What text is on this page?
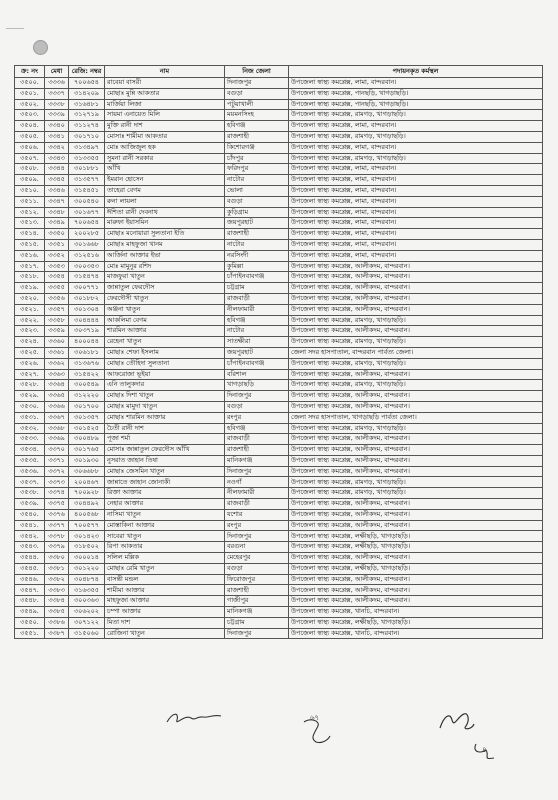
ক্র: নং	মেধা	রেজি: নম্বর	নাম	নিজ জেলা	পদায়নকৃত কর্মস্থল
৩৫০০.	৩৩৩৬	৭০০৬৫৪	রাবেয়া বাসরী	দিনাজপুর	উপজেলা স্বাস্থ্য কমপ্লেক্স, লামা, বান্দরবান।
৩৫০১.	৩৩৩৭	৩১৪২০৯	মোছাঃ মুন্নি আকতার	বগুড়া	উপজেলা স্বাস্থ্য কমপ্লেক্স, পানছড়ি, খাগড়াছড়ি।
৩৫০২.	৩৩৩৮	৩১৬৪৮১	মার্জিয়া লিজা	পটুয়াখালী	উপজেলা স্বাস্থ্য কমপ্লেক্স, পানছড়ি, খাগড়াছড়ি।
৩৫০৩.	৩৩৩৯	৩১২৭১৯	সায়মা এনায়েত মিলি	ময়মনসিংহ	উপজেলা স্বাস্থ্য কমপ্লেক্স, রামগড়, খাগড়াছড়ি।
৩৫০৪.	৩৩৪০	৩১১২৭৪	মুক্তি রানী দাশ	হবিগঞ্জ	উপজেলা স্বাস্থ্য কমপ্লেক্স, লামা, বান্দরবান।
৩৫০৫.	৩৩৪১	৩০১৭১০	মোসাঃ শামীমা আকতার	রাজশাহী	উপজেলা স্বাস্থ্য কমপ্লেক্স, রামগড়, খাগড়াছড়ি।
৩৫০৬.	৩৩৪২	৩১৩৪৯৭	মোঃ আজিজুল হক	কিশোরগঞ্জ	উপজেলা স্বাস্থ্য কমপ্লেক্স, লামা, বান্দরবান।
৩৫০৭.	৩৩৪৩	৩১৩৩৫৫	সুমনা রানী সরকার	চাঁদপুর	উপজেলা স্বাস্থ্য কমপ্লেক্স, রামগড়, খাগড়াছড়ি।
৩৫০৮.	৩৩৪৪	৩০১৮৮১	আঁখি	ফরিদপুর	উপজেলা স্বাস্থ্য কমপ্লেক্স, লামা, বান্দরবান।
৩৫০৯.	৩৩৪৫	৩১৩৫৭৭	ইমরান হোসেন	নাটোর	উপজেলা স্বাস্থ্য কমপ্লেক্স, লামা, বান্দরবান।
৩৫১০.	৩৩৪৬	৩১৫৪৫১	তাহেরা বেগম	ভোলা	উপজেলা স্বাস্থ্য কমপ্লেক্স, লামা, বান্দরবান।
৩৫১১.	৩৩৪৭	৩০০৫৪০	রুনা লায়লা	বগুড়া	উপজেলা স্বাস্থ্য কমপ্লেক্স, লামা, বান্দরবান।
৩৫১২.	৩৩৪৮	৩০১৬৭৭	ঈশিতা রানী দেবনাথ	কুড়িগ্রাম	উপজেলা স্বাস্থ্য কমপ্লেক্স, লামা, বান্দরবান।
৩৫১৩.	৩৩৪৯	৭০০৬৫৪	মারুফা ইয়াসমিন	জয়পুরহাট	উপজেলা স্বাস্থ্য কমপ্লেক্স, লামা, বান্দরবান।
৩৫১৪.	৩৩৫০	২০০২৮৫	মোছাঃ মনোয়ারা সুলতানা ইতি	রাজশাহী	উপজেলা স্বাস্থ্য কমপ্লেক্স, লামা, বান্দরবান।
৩৫১৫.	৩৩৫১	৩০১৬৬৮	মোছাঃ মাহফুজা খানম	নাটোর	উপজেলা স্বাস্থ্য কমপ্লেক্স, লামা, বান্দরবান।
৩৫১৬.	৩৩৫২	৩১২৫১৬	আর্জিনা আক্তার ইভা	নরসিংদী	উপজেলা স্বাস্থ্য কমপ্লেক্স, লামা, বান্দরবান।
৩৫১৭.	৩৩৫৩	৩০০৩৫৩	মোঃ মামুনুর রশিদ	কুমিল্লা	উপজেলা স্বাস্থ্য কমপ্লেক্স, আলীকদম, বান্দরবান।
৩৫১৮.	৩৩৫৪	৩১৫৪৭৪	মাজফুরা খাতুন	চাঁপাইনবাবগঞ্জ	উপজেলা স্বাস্থ্য কমপ্লেক্স, আলীকদম, বান্দরবান।
৩৫১৯.	৩৩৫৫	৩০০৭৭১	জান্নাতুল ফেরদৌস	চট্টগ্রাম	উপজেলা স্বাস্থ্য কমপ্লেক্স, আলীকদম, বান্দরবান।
৩৫২০.	৩৩৫৬	৩০১৮৮২	ফেরদৌসী খাতুন	রাজবাড়ী	উপজেলা স্বাস্থ্য কমপ্লেক্স, আলীকদম, বান্দরবান।
৩৫২১.	৩৩৫৭	৩০১৩০৪	অঞ্জনা খাতুন	নীলফামারী	উপজেলা স্বাস্থ্য কমপ্লেক্স, আলীকদম, বান্দরবান।
৩৫২২.	৩৩৫৮	৩০৪৪৪৪	আকলিমা বেগম	হবিগঞ্জ	উপজেলা স্বাস্থ্য কমপ্লেক্স, রামগড়, খাগড়াছড়ি।
৩৫২৩.	৩৩৫৯	৩০৩৭১৯	শারমিন আক্তার	নাটোর	উপজেলা স্বাস্থ্য কমপ্লেক্স, আলীকদম, বান্দরবান।
৩৫২৪.	৩৩৬০	৪০০০৪৪	রেহেনা খাতুন	সাতক্ষীরা	উপজেলা স্বাস্থ্য কমপ্লেক্স, রামগড়, খাগড়াছড়ি।
৩৫২৫.	৩৩৬১	৩০৬১৮১	মোছাঃ শেফা ইসলাম	জয়পুরহাট	জেলা সদর হাসপাতাল, বান্দরবান পার্বত্য জেলা।
৩৫২৬.	৩৩৬২	৩১৩৬৭৬	মোছাঃ তৌহিদা সুলতানা	চাঁপাইনবাবগঞ্জ	উপজেলা স্বাস্থ্য কমপ্লেক্স, রামগড়, খাগড়াছড়ি।
৩৫২৭.	৩৩৬৩	৩১৫৪২২	আফরোজা ভূইয়া	বরিশাল	উপজেলা স্বাস্থ্য কমপ্লেক্স, আলীকদম, বান্দরবান।
৩৫২৮.	৩৩৬৪	৩০০৫৪৯	এনি তালুকদার	খাগড়াছড়ি	উপজেলা স্বাস্থ্য কমপ্লেক্স, রামগড়, খাগড়াছড়ি।
৩৫২৯.	৩৩৬৫	৩১২২২০	মোছাঃ দিশা খাতুন	দিনাজপুর	উপজেলা স্বাস্থ্য কমপ্লেক্স, আলীকদম, বান্দরবান।
৩৫৩০.	৩৩৬৬	৩০১৭০০	মোছাঃ মামুদা খাতুন	বগুড়া	উপজেলা স্বাস্থ্য কমপ্লেক্স, আলীকদম, বান্দরবান।
৩৫৩১.	৩৩৬৭	৩০১৩৫৭	মোছাঃ শারমিন আক্তার	রংপুর	জেলা সদর হাসপাতাল, খাগড়াছড়ি পার্বত্য জেলা।
৩৫৩২.	৩৩৬৮	৩০১৫২৫	চৈতী রানী দাশ	হবিগঞ্জ	উপজেলা স্বাস্থ্য কমপ্লেক্স, রামগড়, খাগড়াছড়ি।
৩৫৩৩.	৩৩৬৯	৩০০৪৮৯	পূজা শর্মা	রাজবাড়ী	উপজেলা স্বাস্থ্য কমপ্লেক্স, আলীকদম, বান্দরবান।
৩৫৩৪.	৩৩৭০	৩০১৭৬৫	মোসাঃ জান্নাতুল ফেরদৌস আঁখি	রাজশাহী	উপজেলা স্বাস্থ্য কমপ্লেক্স, আলীকদম, বান্দরবান।
৩৫৩৫.	৩৩৭১	৩০১৯৩০	নুসরাত জাহান তিষা	মানিকগঞ্জ	উপজেলা স্বাস্থ্য কমপ্লেক্স, আলীকদম, বান্দরবান।
৩৫৩৬.	৩৩৭২	৩০৬৬৮৮	মোছাঃ জেসমিন খাতুন	দিনাজপুর	উপজেলা স্বাস্থ্য কমপ্লেক্স, আলীকদম, বান্দরবান।
৩৫৩৭.	৩৩৭৩	২০০৪৬৭	জান্নাতে জাহান জোনাকী	নওগাঁ	উপজেলা স্বাস্থ্য কমপ্লেক্স, রামগড়, খাগড়াছড়ি।
৩৫৩৮.	৩৩৭৪	৭০০৯২৮	রিক্তা আক্তার	নীলফামারী	উপজেলা স্বাস্থ্য কমপ্লেক্স, রামগড়, খাগড়াছড়ি।
৩৫৩৯.	৩৩৭৫	৩০৪৪৯২	নেহার আক্তার	রাজবাড়ী	উপজেলা স্বাস্থ্য কমপ্লেক্স, আলীকদম, বান্দরবান।
৩৫৪০.	৩৩৭৬	৪০০৫৬৮	নাসিমা খাতুন	যশোর	উপজেলা স্বাস্থ্য কমপ্লেক্স, আলীকদম, বান্দরবান।
৩৫৪১.	৩৩৭৭	৭০০৫৭৭	মোস্তাকিনা আক্তার	রংপুর	উপজেলা স্বাস্থ্য কমপ্লেক্স, আলীকদম, বান্দরবান।
৩৫৪২.	৩৩৭৮	৩০১৪২৩	সাবেরা খাতুন	দিনাজপুর	উপজেলা স্বাস্থ্য কমপ্লেক্স, লক্ষীছড়ি, খাগড়াছড়ি।
৩৫৪৩.	৩৩৭৯	৩১৮৫০২	রিপা আকতার	বরগুনা	উপজেলা স্বাস্থ্য কমপ্লেক্স, লক্ষীছড়ি, খাগড়াছড়ি।
৩৫৪৪.	৩৩৮০	৩০০০১৪	সলিল মল্লিক	মেহেরপুর	উপজেলা স্বাস্থ্য কমপ্লেক্স, আলীকদম, বান্দরবান।
৩৫৪৫.	৩৩৮১	৩০১২২০	মোছাঃ রেমি খাতুন	বগুড়া	উপজেলা স্বাস্থ্য কমপ্লেক্স, লক্ষীছড়ি, খাগড়াছড়ি।
৩৫৪৬.	৩৩৮২	৩০৪৮৭৪	বাসন্তী মন্ডল	ফিরোজপুর	উপজেলা স্বাস্থ্য কমপ্লেক্স, আলীকদম, বান্দরবান।
৩৫৪৭.	৩৩৮৩	৩১৬৩৫৫	শামীমা আক্তার	রাজশাহী	উপজেলা স্বাস্থ্য কমপ্লেক্স, আলীকদম, বান্দরবান।
৩৫৪৮.	৩৩৮৪	৩০০৩৬৩	মাহফুজা আক্তার	গাজীপুর	উপজেলা স্বাস্থ্য কমপ্লেক্স, আলীকদম, বান্দরবান।
৩৫৪৯.	৩৩৮৫	৩০৬২০২	চম্পা আক্তার	মানিকগঞ্জ	উপজেলা স্বাস্থ্য কমপ্লেক্স, খানচি, বান্দরবান।
৩৫৫০.	৩৩৮৬	৩০৭১২২	মিতা দাশ	চট্টগ্রাম	উপজেলা স্বাস্থ্য কমপ্লেক্স, লক্ষীছড়ি, খাগড়াছড়ি।
৩৫৫১.	৩৩৮৭	৩১৫০৬০	রোজিনা খাতুন	দিনাজপুর	উপজেলা স্বাস্থ্য কমপ্লেক্স, খানচি, বান্দরবান।
৬৭
৪
